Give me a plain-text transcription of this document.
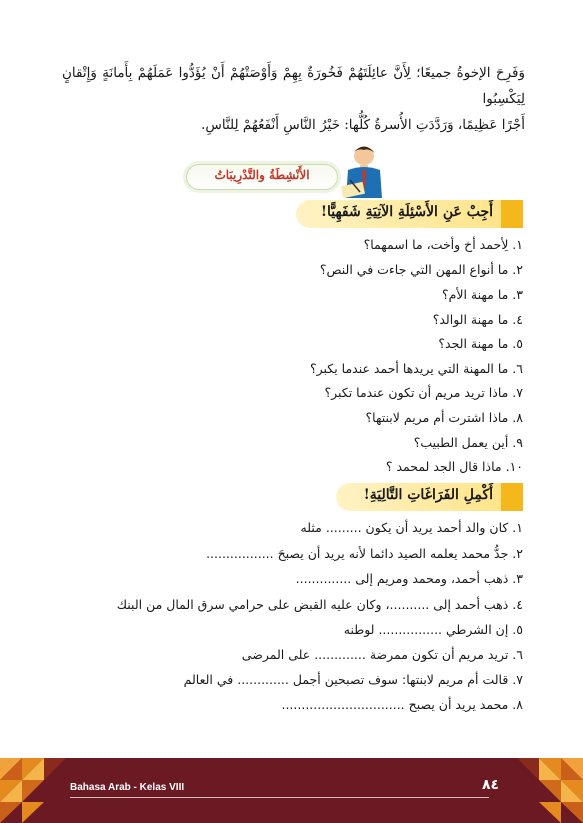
وَفَرِحَ الإخوةُ جميعًا؛ لِأَنَّ عائِلَتَهُمْ فَخُورَةٌ بِهِمْ وَأَوْصَتْهُمْ أَنْ يُؤَدُّوا عَمَلَهُمْ بِأَمانَةٍ وَإِتْقانٍ لِيَكْسِبُوا

أَجْرًا عَظِيمًا، وَرَدَّدَتِ الأُسرةُ كُلُّها: خَيْرُ النَّاسِ أَنْفَعُهُمْ لِلنَّاسِ.

الأَنْشِطَةُ والتَّدْرِيبَاتُ
أَجِبْ عَنِ الأَسْئِلَةِ الآتِيَةِ شَفَهِيًّا!
١. لِأحمد أخ وأخت، ما اسمهما؟
٢. ما أنواع المهن التي جاءت في النص؟
٣. ما مهنة الأم؟
٤. ما مهنة الوالد؟
٥. ما مهنة الجد؟
٦. ما المهنة التي يريدها أحمد عندما يكبر؟
٧. ماذا تريد مريم أن تكون عندما تكبر؟
٨. ماذا اشترت أم مريم لابنتها؟
٩. أين يعمل الطبيب؟
١٠. ماذا قال الجد لمحمد ؟
أَكْمِلِ الفَرَاغَاتِ التَّالِيَةِ!
١. كان والد أحمد يريد أن يكون ......... مثله
٢. جدُّ محمد يعلمه الصيد دائما لأنه يريد أن يصبحَ .................
٣. ذهب أحمد، ومحمد ومريم إلى ..............
٤. ذهب أحمد إلى ..........، وكان عليه القبض على حرامي سرق المال من البنك
٥. إن الشرطي ................ لوطنه
٦. تريد مريم أن تكون ممرضة ............. على المرضى
٧. قالت أم مريم لابنتها: سوف تصبحين أجمل ............. في العالم
٨. محمد يريد أن يصبح ...............................
Bahasa Arab - Kelas VIII	٨٤
